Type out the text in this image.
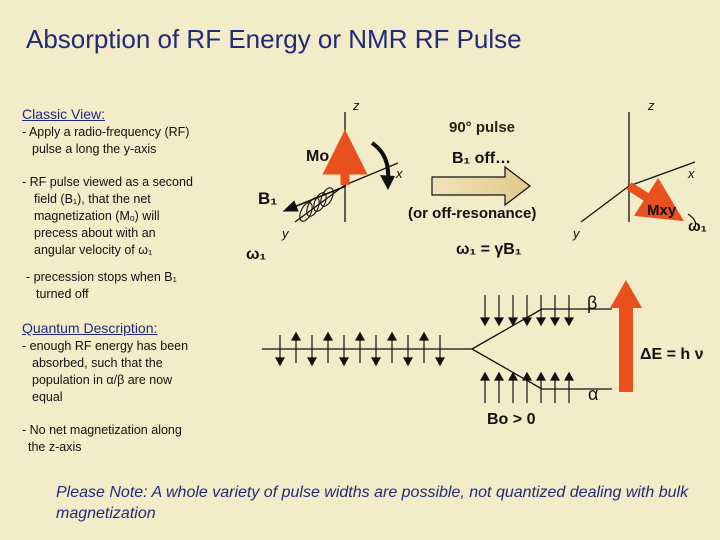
Absorption of RF Energy or NMR RF Pulse
Classic View:
- Apply a radio-frequency (RF)
pulse a long the y-axis
- RF pulse viewed as a second
field (B₁), that the net
magnetization (Mₒ) will
precess about with an
angular velocity of ω₁
- precession stops when B₁
turned off
Quantum Description:
- enough RF energy has been
absorbed, such that the
population in α/β are now
equal
- No net magnetization along
the z-axis
z
x
y
Mo
B₁
ω₁
90° pulse
B₁ off…
(or off-resonance)
ω₁ = γB₁
z
x
y
Mxy
ω₁
β
α
ΔE = h ν
Bo > 0
Please Note: A whole variety of pulse widths are possible, not quantized dealing with bulk magnetization
